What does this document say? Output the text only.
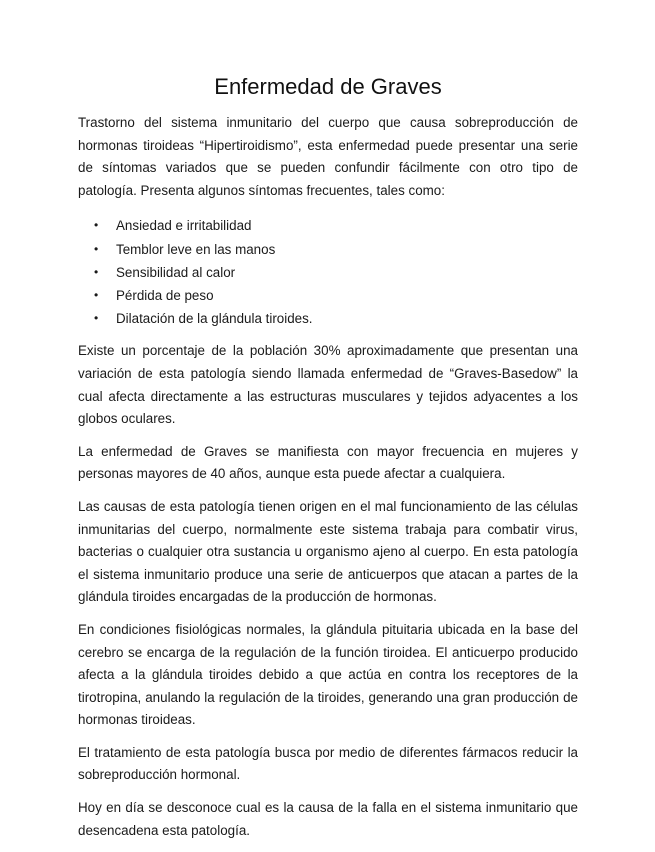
Enfermedad de Graves

Trastorno del sistema inmunitario del cuerpo que causa sobreproducción de hormonas tiroideas “Hipertiroidismo”, esta enfermedad puede presentar una serie de síntomas variados que se pueden confundir fácilmente con otro tipo de patología. Presenta algunos síntomas frecuentes, tales como:

• Ansiedad e irritabilidad
• Temblor leve en las manos
• Sensibilidad al calor
• Pérdida de peso
• Dilatación de la glándula tiroides.

Existe un porcentaje de la población 30% aproximadamente que presentan una variación de esta patología siendo llamada enfermedad de “Graves-Basedow” la cual afecta directamente a las estructuras musculares y tejidos adyacentes a los globos oculares.

La enfermedad de Graves se manifiesta con mayor frecuencia en mujeres y personas mayores de 40 años, aunque esta puede afectar a cualquiera.

Las causas de esta patología tienen origen en el mal funcionamiento de las células inmunitarias del cuerpo, normalmente este sistema trabaja para combatir virus, bacterias o cualquier otra sustancia u organismo ajeno al cuerpo. En esta patología el sistema inmunitario produce una serie de anticuerpos que atacan a partes de la glándula tiroides encargadas de la producción de hormonas.

En condiciones fisiológicas normales, la glándula pituitaria ubicada en la base del cerebro se encarga de la regulación de la función tiroidea. El anticuerpo producido afecta a la glándula tiroides debido a que actúa en contra los receptores de la tirotropina, anulando la regulación de la tiroides, generando una gran producción de hormonas tiroideas.

El tratamiento de esta patología busca por medio de diferentes fármacos reducir la sobreproducción hormonal.

Hoy en día se desconoce cual es la causa de la falla en el sistema inmunitario que desencadena esta patología.
